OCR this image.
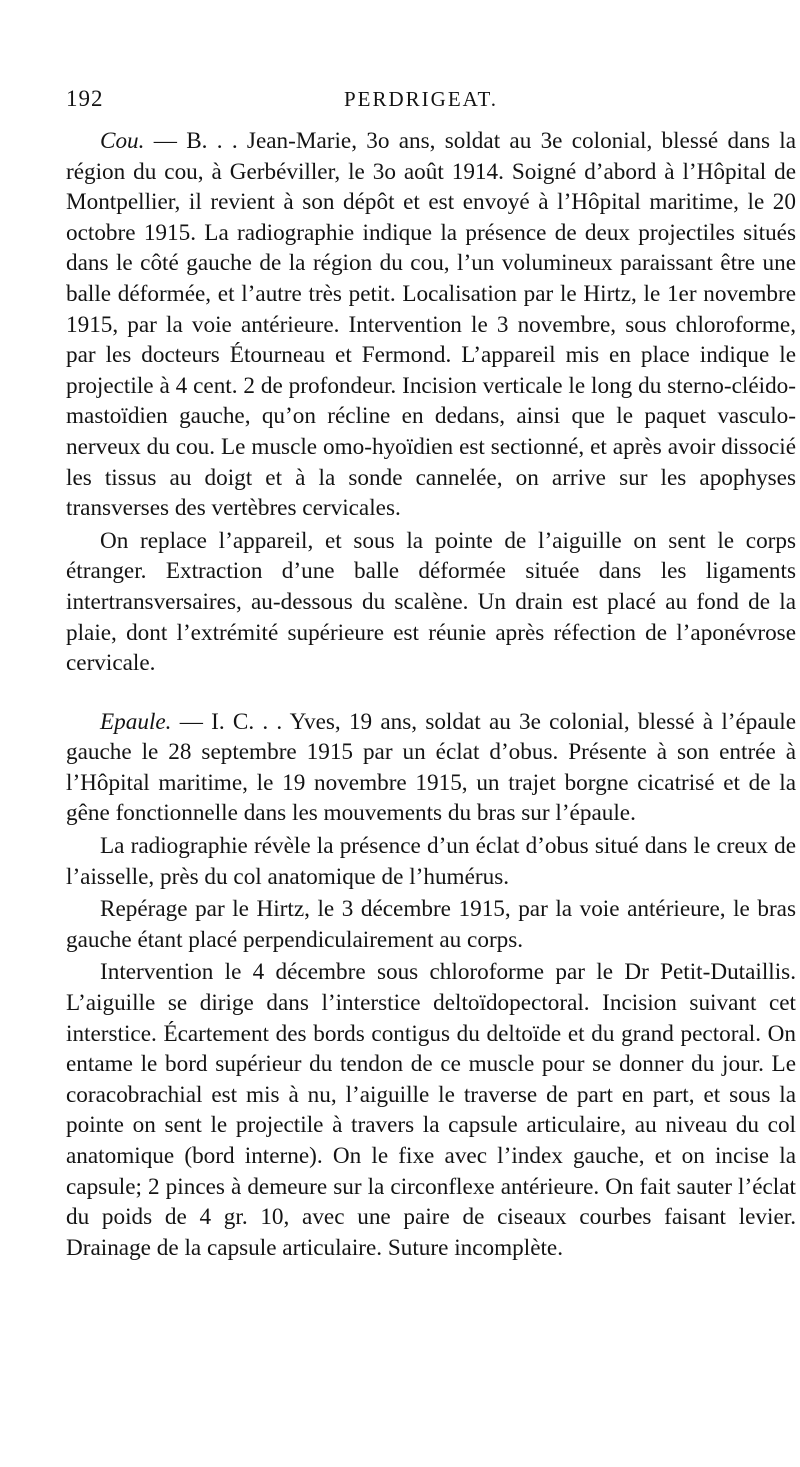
192	PERDRIGEAT.

Cou. — B. . . Jean-Marie, 3o ans, soldat au 3e colonial, blessé dans la région du cou, à Gerbéviller, le 3o août 1914. Soigné d’abord à l’Hôpital de Montpellier, il revient à son dépôt et est envoyé à l’Hôpital maritime, le 20 octobre 1915. La radiographie indique la présence de deux projectiles situés dans le côté gauche de la région du cou, l’un volumineux paraissant être une balle déformée, et l’autre très petit. Localisation par le Hirtz, le 1er novembre 1915, par la voie antérieure. Intervention le 3 novembre, sous chloroforme, par les docteurs Étourneau et Fermond. L’appareil mis en place indique le projectile à 4 cent. 2 de profondeur. Incision verticale le long du sterno-cléido-mastoïdien gauche, qu’on récline en dedans, ainsi que le paquet vasculo-nerveux du cou. Le muscle omo-hyoïdien est sectionné, et après avoir dissocié les tissus au doigt et à la sonde cannelée, on arrive sur les apophyses transverses des vertèbres cervicales.

On replace l’appareil, et sous la pointe de l’aiguille on sent le corps étranger. Extraction d’une balle déformée située dans les ligaments intertransversaires, au-dessous du scalène. Un drain est placé au fond de la plaie, dont l’extrémité supérieure est réunie après réfection de l’aponévrose cervicale.

Epaule. — I. C. . . Yves, 19 ans, soldat au 3e colonial, blessé à l’épaule gauche le 28 septembre 1915 par un éclat d’obus. Présente à son entrée à l’Hôpital maritime, le 19 novembre 1915, un trajet borgne cicatrisé et de la gêne fonctionnelle dans les mouvements du bras sur l’épaule.

La radiographie révèle la présence d’un éclat d’obus situé dans le creux de l’aisselle, près du col anatomique de l’humérus.

Repérage par le Hirtz, le 3 décembre 1915, par la voie antérieure, le bras gauche étant placé perpendiculairement au corps.

Intervention le 4 décembre sous chloroforme par le Dr Petit-Dutaillis. L’aiguille se dirige dans l’interstice deltoïdopectoral. Incision suivant cet interstice. Écartement des bords contigus du deltoïde et du grand pectoral. On entame le bord supérieur du tendon de ce muscle pour se donner du jour. Le coracobrachial est mis à nu, l’aiguille le traverse de part en part, et sous la pointe on sent le projectile à travers la capsule articulaire, au niveau du col anatomique (bord interne). On le fixe avec l’index gauche, et on incise la capsule; 2 pinces à demeure sur la circonflexe antérieure. On fait sauter l’éclat du poids de 4 gr. 10, avec une paire de ciseaux courbes faisant levier. Drainage de la capsule articulaire. Suture incomplète.
